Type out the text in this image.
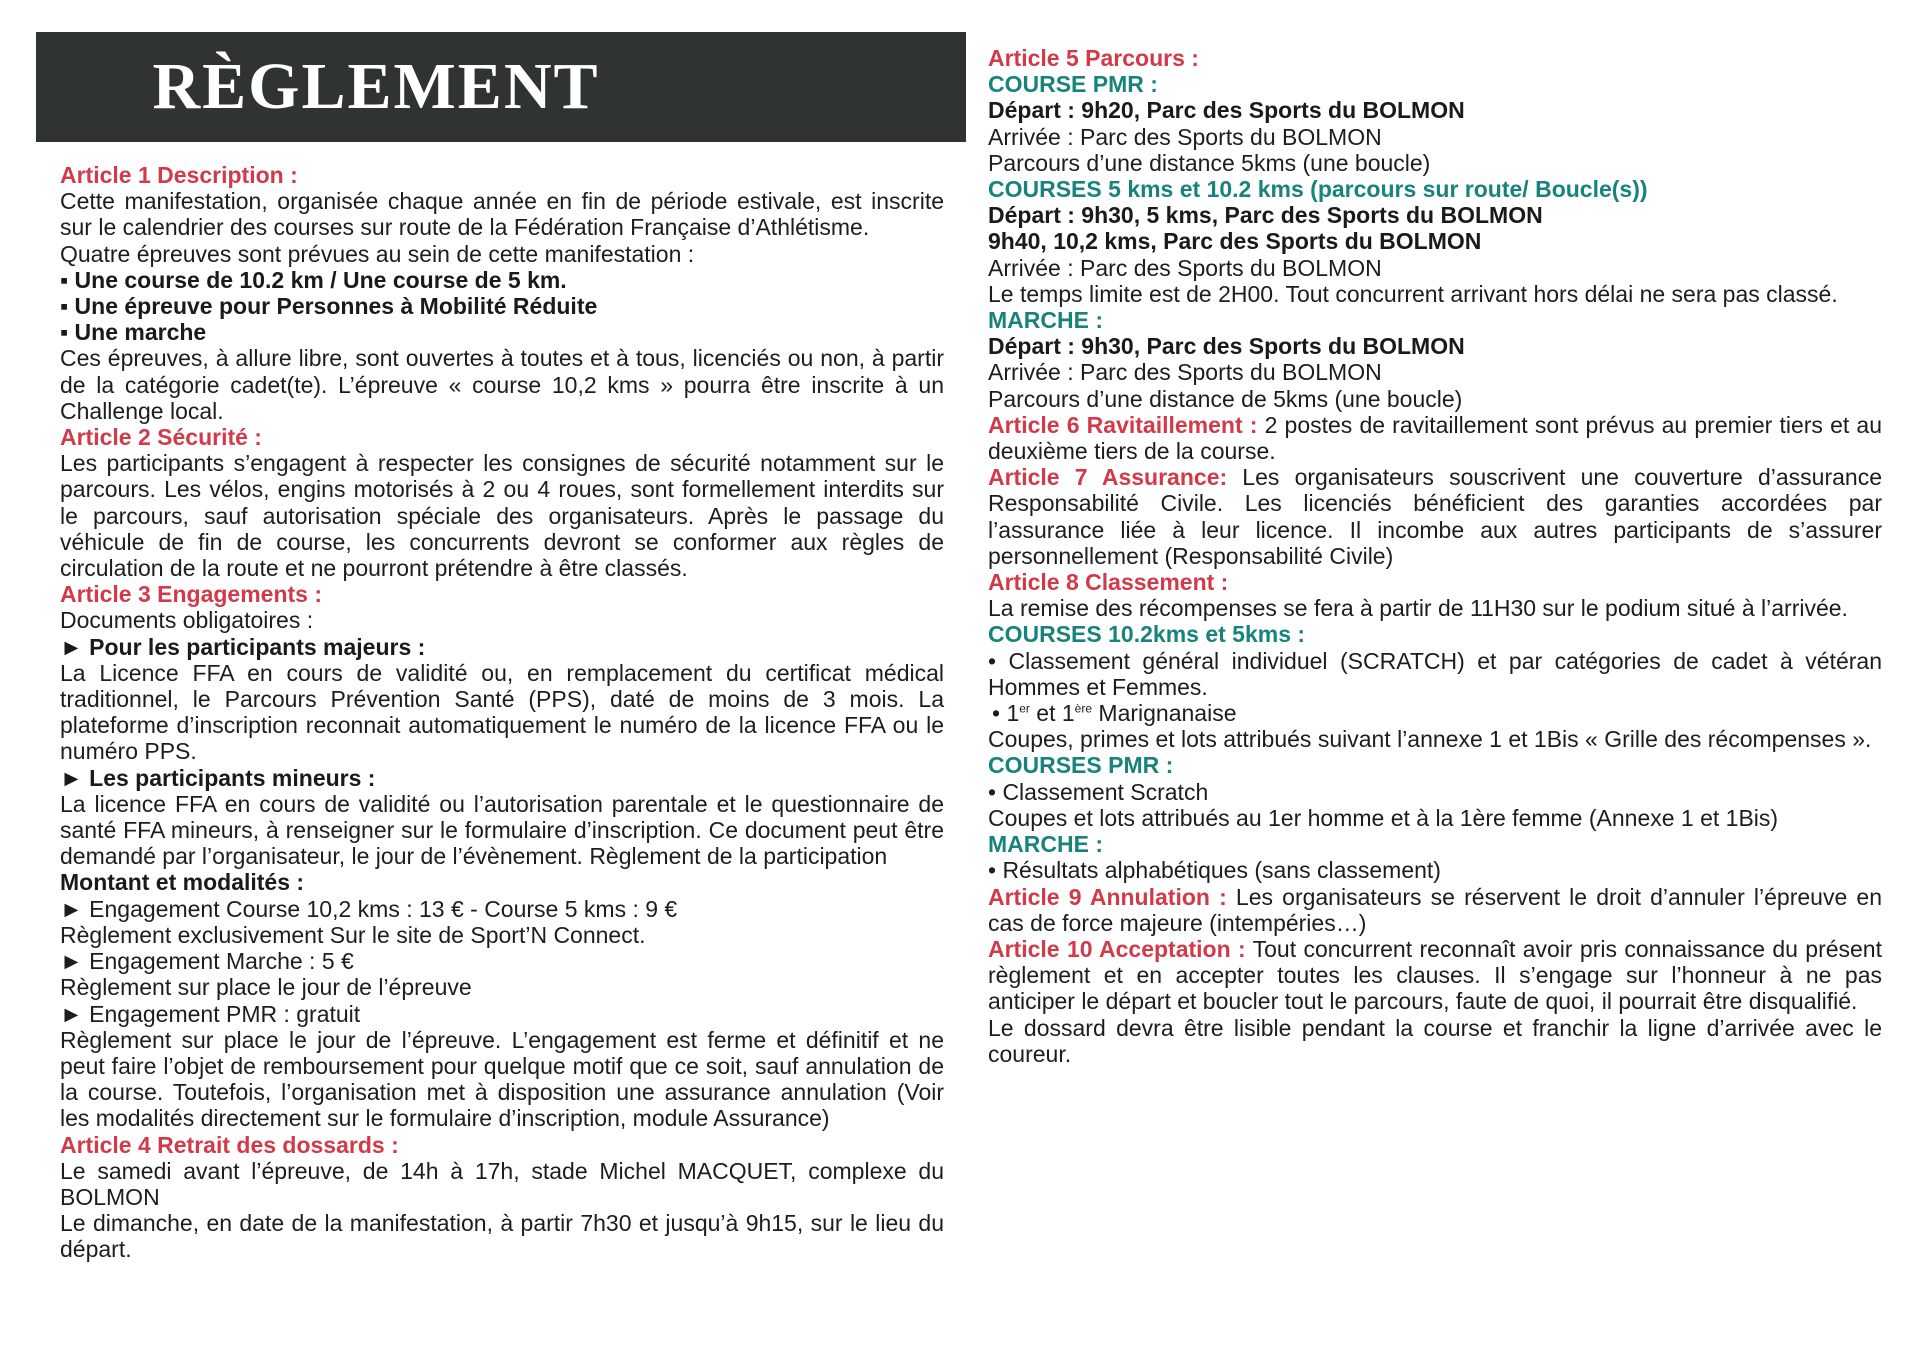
RÈGLEMENT

Article 1 Description :

Cette manifestation, organisée chaque année en fin de période estivale, est inscrite sur le calendrier des courses sur route de la Fédération Française d’Athlétisme.

Quatre épreuves sont prévues au sein de cette manifestation :

▪ Une course de 10.2 km / Une course de 5 km.

▪ Une épreuve pour Personnes à Mobilité Réduite

▪ Une marche

Ces épreuves, à allure libre, sont ouvertes à toutes et à tous, licenciés ou non, à partir de la catégorie cadet(te). L’épreuve « course 10,2 kms » pourra être inscrite à un Challenge local.

Article 2 Sécurité :

Les participants s’engagent à respecter les consignes de sécurité notamment sur le parcours. Les vélos, engins motorisés à 2 ou 4 roues, sont formellement interdits sur le parcours, sauf autorisation spéciale des organisateurs. Après le passage du véhicule de fin de course, les concurrents devront se conformer aux règles de circulation de la route et ne pourront prétendre à être classés.

Article 3 Engagements :

Documents obligatoires :

► Pour les participants majeurs :

La Licence FFA en cours de validité ou, en remplacement du certificat médical traditionnel, le Parcours Prévention Santé (PPS), daté de moins de 3 mois. La plateforme d’inscription reconnait automatiquement le numéro de la licence FFA ou le numéro PPS.

► Les participants mineurs :

La licence FFA en cours de validité ou l’autorisation parentale et le questionnaire de santé FFA mineurs, à renseigner sur le formulaire d’inscription. Ce document peut être demandé par l’organisateur, le jour de l’évènement. Règlement de la participation

Montant et modalités :

► Engagement Course 10,2 kms : 13 € - Course 5 kms : 9 €

Règlement exclusivement Sur le site de Sport’N Connect.

► Engagement Marche : 5 €

Règlement sur place le jour de l’épreuve

► Engagement PMR : gratuit

Règlement sur place le jour de l’épreuve. L’engagement est ferme et définitif et ne peut faire l’objet de remboursement pour quelque motif que ce soit, sauf annulation de la course. Toutefois, l’organisation met à disposition une assurance annulation (Voir les modalités directement sur le formulaire d’inscription, module Assurance)

Article 4 Retrait des dossards :

Le samedi avant l’épreuve, de 14h à 17h, stade Michel MACQUET, complexe du BOLMON

Le dimanche, en date de la manifestation, à partir 7h30 et jusqu’à 9h15, sur le lieu du départ.

Article 5 Parcours :

COURSE PMR :

Départ : 9h20, Parc des Sports du BOLMON

Arrivée : Parc des Sports du BOLMON

Parcours d’une distance 5kms (une boucle)

COURSES 5 kms et 10.2 kms (parcours sur route/ Boucle(s))

Départ : 9h30, 5 kms, Parc des Sports du BOLMON

9h40, 10,2 kms, Parc des Sports du BOLMON

Arrivée : Parc des Sports du BOLMON

Le temps limite est de 2H00. Tout concurrent arrivant hors délai ne sera pas classé.

MARCHE :

Départ : 9h30, Parc des Sports du BOLMON

Arrivée : Parc des Sports du BOLMON

Parcours d’une distance de 5kms (une boucle)

Article 6 Ravitaillement : 2 postes de ravitaillement sont prévus au premier tiers et au deuxième tiers de la course.

Article 7 Assurance: Les organisateurs souscrivent une couverture d’assurance Responsabilité Civile. Les licenciés bénéficient des garanties accordées par l’assurance liée à leur licence. Il incombe aux autres participants de s’assurer personnellement (Responsabilité Civile)

Article 8 Classement :

La remise des récompenses se fera à partir de 11H30 sur le podium situé à l’arrivée.

COURSES 10.2kms et 5kms :

• Classement général individuel (SCRATCH) et par catégories de cadet à vétéran Hommes et Femmes.

• 1er et 1ère Marignanaise

Coupes, primes et lots attribués suivant l’annexe 1 et 1Bis « Grille des récompenses ».

COURSES PMR :

• Classement Scratch

Coupes et lots attribués au 1er homme et à la 1ère femme (Annexe 1 et 1Bis)

MARCHE :

• Résultats alphabétiques (sans classement)

Article 9 Annulation : Les organisateurs se réservent le droit d’annuler l’épreuve en cas de force majeure (intempéries…)

Article 10 Acceptation : Tout concurrent reconnaît avoir pris connaissance du présent règlement et en accepter toutes les clauses. Il s’engage sur l’honneur à ne pas anticiper le départ et boucler tout le parcours, faute de quoi, il pourrait être disqualifié.

Le dossard devra être lisible pendant la course et franchir la ligne d’arrivée avec le coureur.
